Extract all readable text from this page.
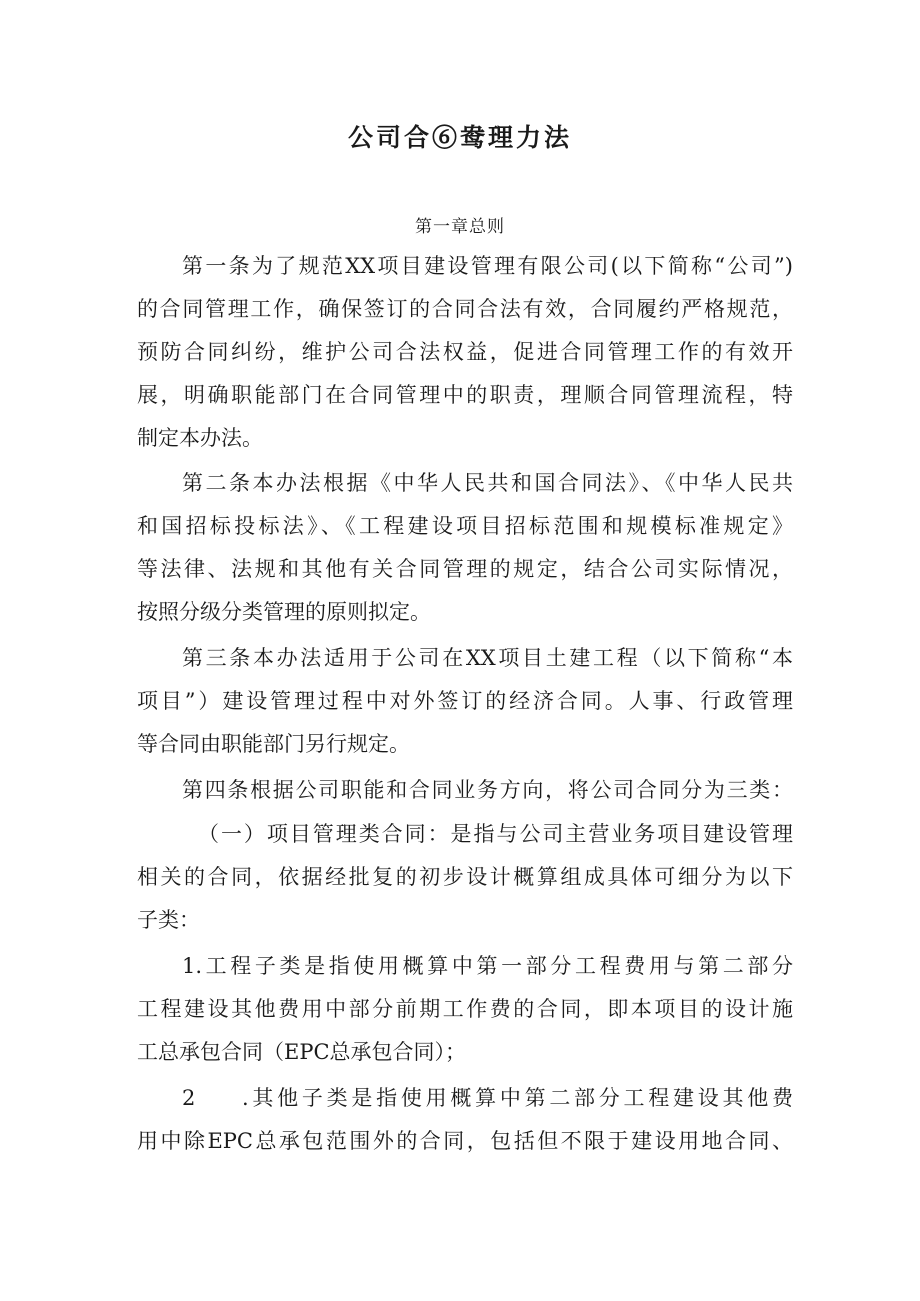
公司合⑥鸯理力法
第一章总则
第一条为了规范XX项目建设管理有限公司(以下简称“公司”)
的合同管理工作，确保签订的合同合法有效，合同履约严格规范，
预防合同纠纷，维护公司合法权益，促进合同管理工作的有效开
展，明确职能部门在合同管理中的职责，理顺合同管理流程，特
制定本办法。
第二条本办法根据《中华人民共和国合同法》、《中华人民共
和国招标投标法》、《工程建设项目招标范围和规模标准规定》
等法律、法规和其他有关合同管理的规定，结合公司实际情况，
按照分级分类管理的原则拟定。
第三条本办法适用于公司在XX项目土建工程（以下简称“本
项目”）建设管理过程中对外签订的经济合同。人事、行政管理
等合同由职能部门另行规定。
第四条根据公司职能和合同业务方向，将公司合同分为三类：
（一）项目管理类合同：是指与公司主营业务项目建设管理
相关的合同，依据经批复的初步设计概算组成具体可细分为以下
子类：
1.工程子类是指使用概算中第一部分工程费用与第二部分
工程建设其他费用中部分前期工作费的合同，即本项目的设计施
工总承包合同（EPC总承包合同）；
2	.其他子类是指使用概算中第二部分工程建设其他费
用中除EPC总承包范围外的合同，包括但不限于建设用地合同、
